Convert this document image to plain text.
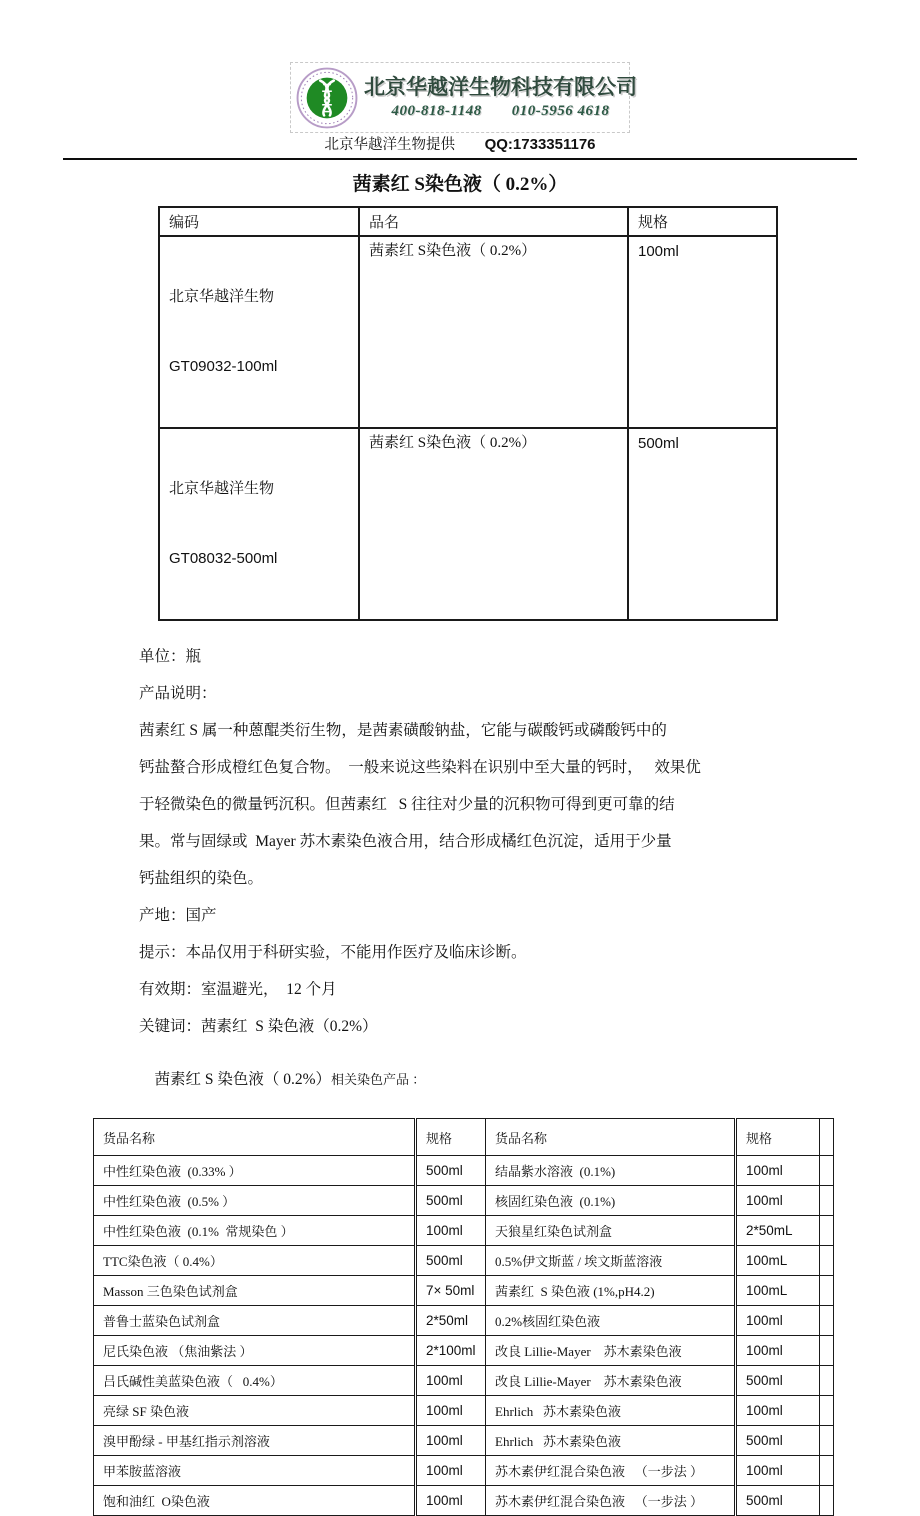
北京华越洋生物科技有限公司
400-818-1148 010-5956 4618
北京华越洋生物提供 QQ:1733351176
茜素红 S染色液（ 0.2%）
编码	品名	规格

北京华越洋生物

GT09032-100ml	茜素红 S染色液（ 0.2%）	100ml

北京华越洋生物

GT08032-500ml	茜素红 S染色液（ 0.2%）	500ml
单位：瓶
产品说明：
茜素红 S 属一种蒽醌类衍生物，是茜素磺酸钠盐，它能与碳酸钙或磷酸钙中的
钙盐螯合形成橙红色复合物。  一般来说这些染料在识别中至大量的钙时，   效果优
于轻微染色的微量钙沉积。但茜素红   S 往往对少量的沉积物可得到更可靠的结
果。常与固绿或  Mayer 苏木素染色液合用，结合形成橘红色沉淀，适用于少量
钙盐组织的染色。
产地：国产
提示：本品仅用于科研实验，不能用作医疗及临床诊断。
有效期：室温避光，  12 个月
关键词：茜素红  S 染色液（0.2%）

茜素红 S 染色液（ 0.2%）相关染色产品 ：

货品名称	规格	货品名称	规格	
中性红染色液  (0.33% ）	500ml	结晶紫水溶液  (0.1%)	100ml	
中性红染色液  (0.5% ）	500ml	核固红染色液  (0.1%)	100ml	
中性红染色液  (0.1%  常规染色 ）	100ml	天狼星红染色试剂盒	2*50mL	
TTC染色液（ 0.4%）	500ml	0.5%伊文斯蓝 / 埃文斯蓝溶液	100mL	
Masson 三色染色试剂盒	7× 50ml	茜素红  S 染色液 (1%,pH4.2)	100mL	
普鲁士蓝染色试剂盒	2*50ml	0.2%核固红染色液	100ml	
尼氏染色液 （焦油紫法 ）	2*100ml	改良 Lillie-Mayer    苏木素染色液	100ml	
吕氏碱性美蓝染色液（   0.4%）	100ml	改良 Lillie-Mayer    苏木素染色液	500ml	
亮绿 SF 染色液	100ml	Ehrlich   苏木素染色液	100ml	
溴甲酚绿 - 甲基红指示剂溶液	100ml	Ehrlich   苏木素染色液	500ml	
甲苯胺蓝溶液	100ml	苏木素伊红混合染色液   （一步法 ）	100ml	
饱和油红  O染色液	100ml	苏木素伊红混合染色液   （一步法 ）	500ml	
